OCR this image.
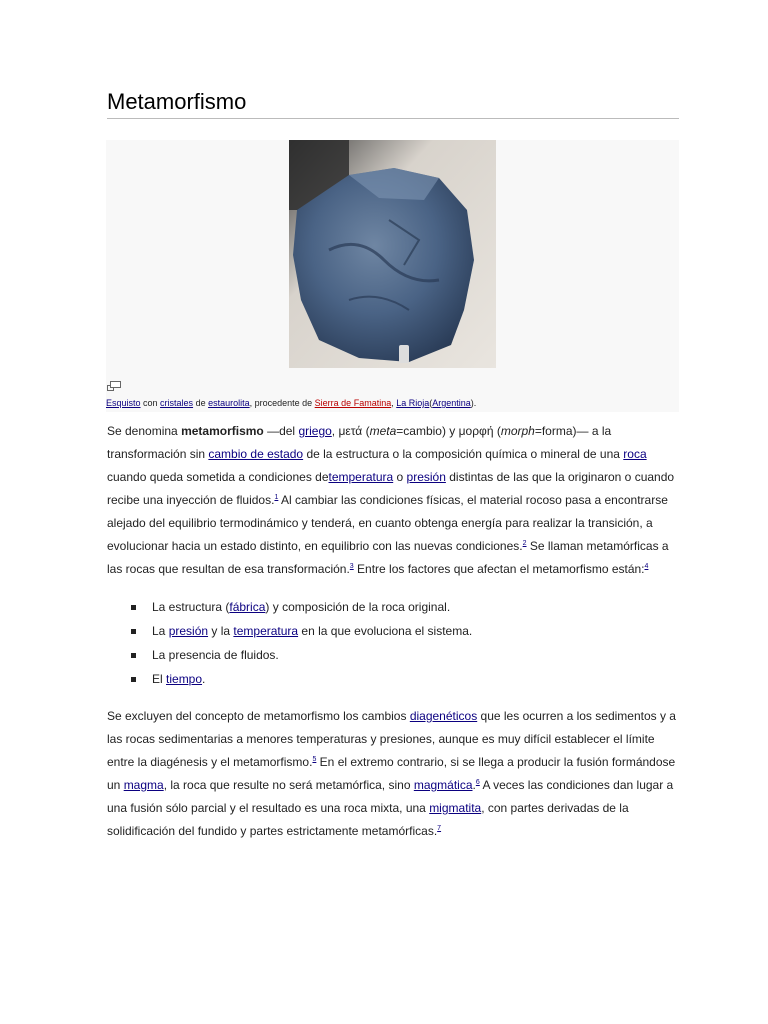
Metamorfismo
Esquisto con cristales de estaurolita, procedente de Sierra de Famatina, La Rioja(Argentina).

Se denomina metamorfismo —del griego, μετά (meta=cambio) y μορφή (morph=forma)— a la transformación sin cambio de estado de la estructura o la composición química o mineral de una roca cuando queda sometida a condiciones detemperatura o presión distintas de las que la originaron o cuando recibe una inyección de fluidos.$^1$ Al cambiar las condiciones físicas, el material rocoso pasa a encontrarse alejado del equilibrio termodinámico y tenderá, en cuanto obtenga energía para realizar la transición, a evolucionar hacia un estado distinto, en equilibrio con las nuevas condiciones.$^2$ Se llaman metamórficas a las rocas que resultan de esa transformación.$^3$ Entre los factores que afectan el metamorfismo están:$^4$

La estructura (fábrica) y composición de la roca original.
La presión y la temperatura en la que evoluciona el sistema.
La presencia de fluidos.
El tiempo.

Se excluyen del concepto de metamorfismo los cambios diagenéticos que les ocurren a los sedimentos y a las rocas sedimentarias a menores temperaturas y presiones, aunque es muy difícil establecer el límite entre la diagénesis y el metamorfismo.$^5$ En el extremo contrario, si se llega a producir la fusión formándose un magma, la roca que resulte no será metamórfica, sino magmática.$^6$ A veces las condiciones dan lugar a una fusión sólo parcial y el resultado es una roca mixta, una migmatita, con partes derivadas de la solidificación del fundido y partes estrictamente metamórficas.$^7$
